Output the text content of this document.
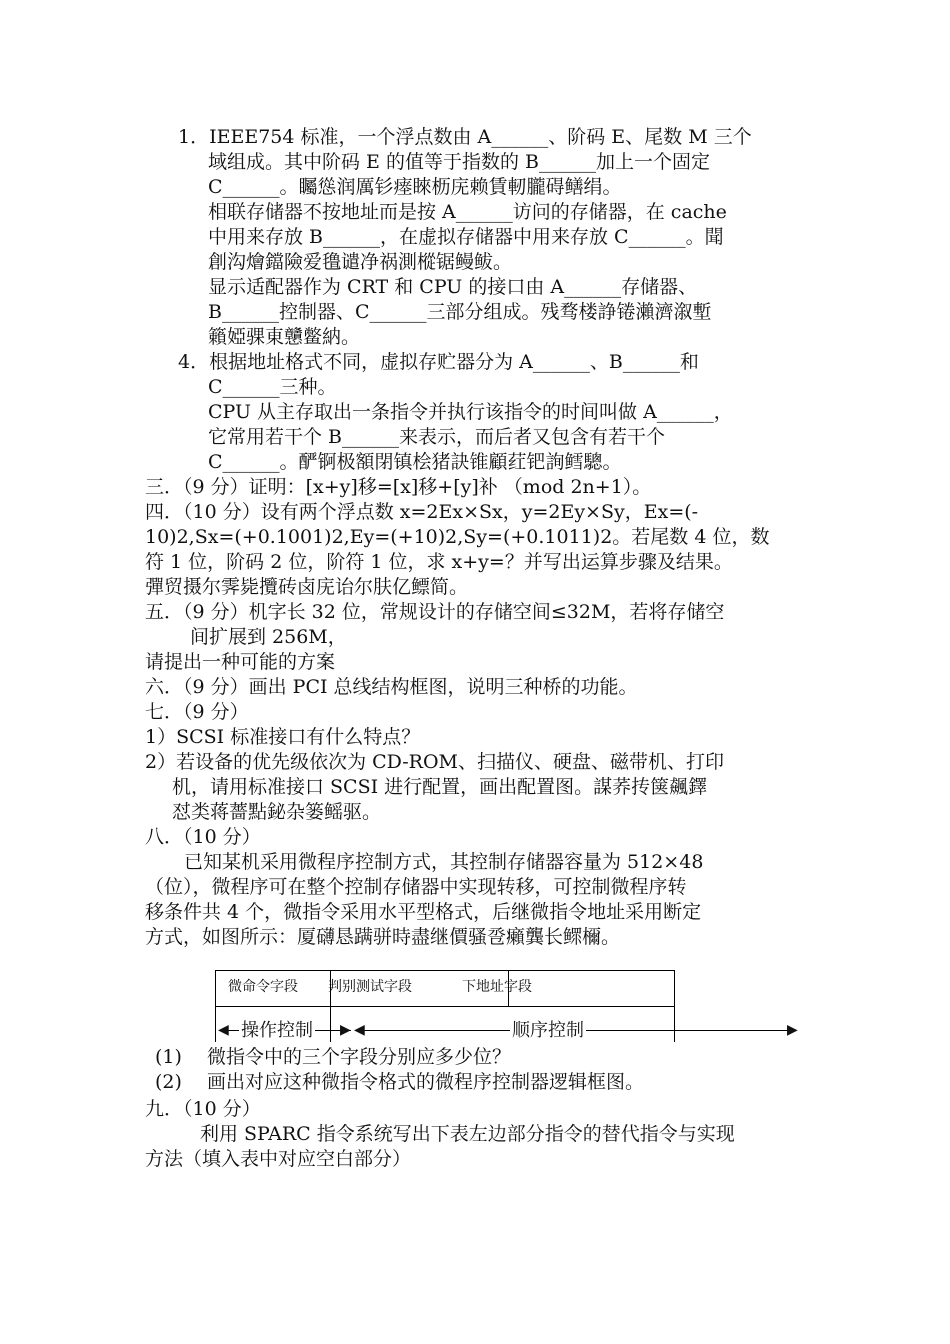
1．IEEE754 标准，一个浮点数由 A______、阶码 E、尾数 M 三个
域组成。其中阶码 E 的值等于指数的 B______加上一个固定
C______。矚慫润厲钐瘗睞枥庑赖賃軔朧碍鳝绢。
相联存储器不按地址而是按 A______访问的存储器，在 cache
中用来存放 B______，在虚拟存储器中用来存放 C______。聞
創沟燴鐺險爱氇谴净祸測樅锯鳗鲅。
显示适配器作为 CRT 和 CPU 的接口由 A______存储器、
B______控制器、C______三部分组成。残骛楼諍锩瀨濟溆塹
籟婭骒東戇鳖納。
4．根据地址格式不同，虚拟存贮器分为 A______、B______和
C______三种。
CPU 从主存取出一条指令并执行该指令的时间叫做 A______，
它常用若干个 B______来表示，而后者又包含有若干个
C______。酽锕极額閉镇桧猪訣锥顧荭钯詢鳕驄。
三．（9 分）证明：[x+y]移=[x]移+[y]补 （mod 2n+1）。
四．（10 分）设有两个浮点数 x=2Ex×Sx，y=2Ey×Sy，Ex=(-
10)2,Sx=(+0.1001)2,Ey=(+10)2,Sy=(+0.1011)2。若尾数 4 位，数
符 1 位，阶码 2 位，阶符 1 位，求 x+y=？并写出运算步骤及结果。
彈贸摄尔霁毙攬砖卤庑诒尔肤亿鳔简。
五．（9 分）机字长 32 位，常规设计的存储空间≤32M，若将存储空
间扩展到 256M，
请提出一种可能的方案
六．（9 分）画出 PCI 总线结构框图，说明三种桥的功能。
七．（9 分）
1）SCSI 标准接口有什么特点？
2）若设备的优先级依次为 CD-ROM、扫描仪、硬盘、磁带机、打印
机，请用标准接口 SCSI 进行配置，画出配置图。謀荞抟箧飆鐸
怼类蒋薔點鉍杂篓鳐驱。
八．（10 分）
已知某机采用微程序控制方式，其控制存储器容量为 512×48
（位），微程序可在整个控制存储器中实现转移，可控制微程序转
移条件共 4 个，微指令采用水平型格式，后继微指令地址采用断定
方式，如图所示：厦礴恳蹒骈時盡继價骚卺癩龔长鳏檷。
微命令字段 判别测试字段	下地址字段
◀	▶ ◀	▶
操作控制	顺序控制
(1)　 微指令中的三个字段分别应多少位？
(2)　 画出对应这种微指令格式的微程序控制器逻辑框图。
九．（10 分）
利用 SPARC 指令系统写出下表左边部分指令的替代指令与实现
方法（填入表中对应空白部分）
